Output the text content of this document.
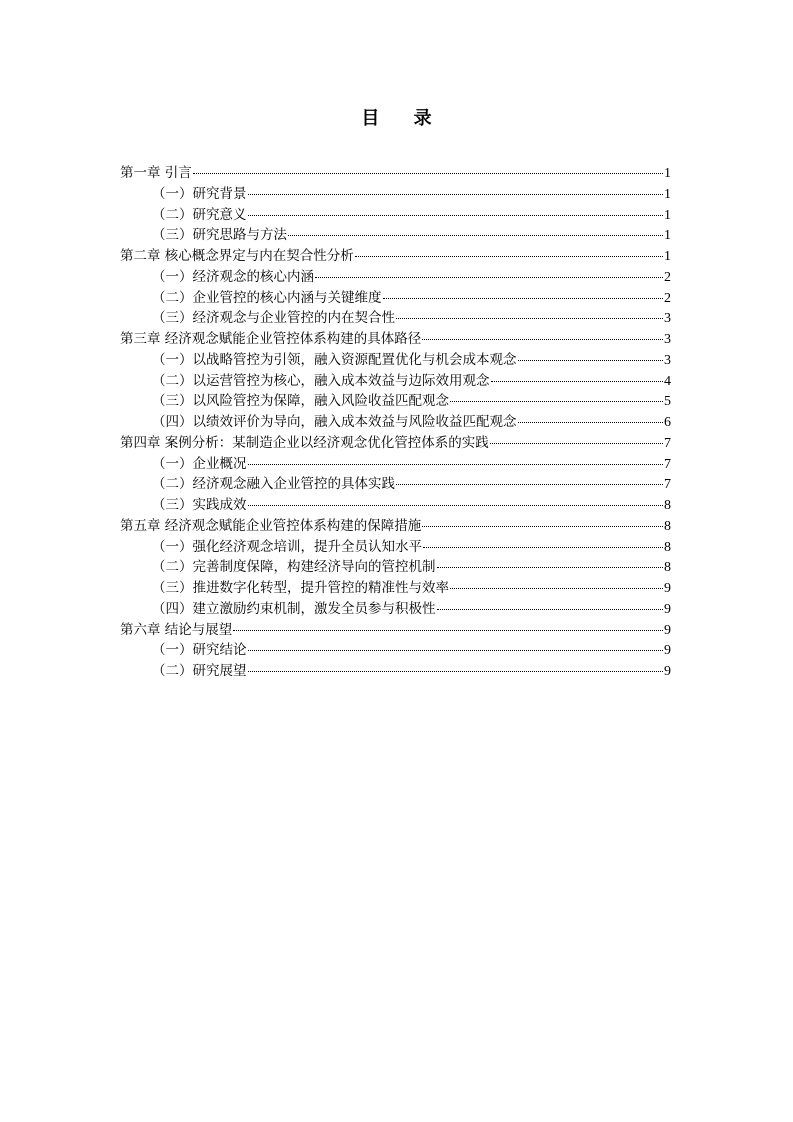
目 录
第一章 引言	1
（一）研究背景	1
（二）研究意义	1
（三）研究思路与方法	1
第二章 核心概念界定与内在契合性分析	1
（一）经济观念的核心内涵	2
（二）企业管控的核心内涵与关键维度	2
（三）经济观念与企业管控的内在契合性	3
第三章 经济观念赋能企业管控体系构建的具体路径	3
（一）以战略管控为引领，融入资源配置优化与机会成本观念	3
（二）以运营管控为核心，融入成本效益与边际效用观念	4
（三）以风险管控为保障，融入风险收益匹配观念	5
（四）以绩效评价为导向，融入成本效益与风险收益匹配观念	6
第四章 案例分析：某制造企业以经济观念优化管控体系的实践	7
（一）企业概况	7
（二）经济观念融入企业管控的具体实践	7
（三）实践成效	8
第五章 经济观念赋能企业管控体系构建的保障措施	8
（一）强化经济观念培训，提升全员认知水平	8
（二）完善制度保障，构建经济导向的管控机制	8
（三）推进数字化转型，提升管控的精准性与效率	9
（四）建立激励约束机制，激发全员参与积极性	9
第六章 结论与展望	9
（一）研究结论	9
（二）研究展望	9
